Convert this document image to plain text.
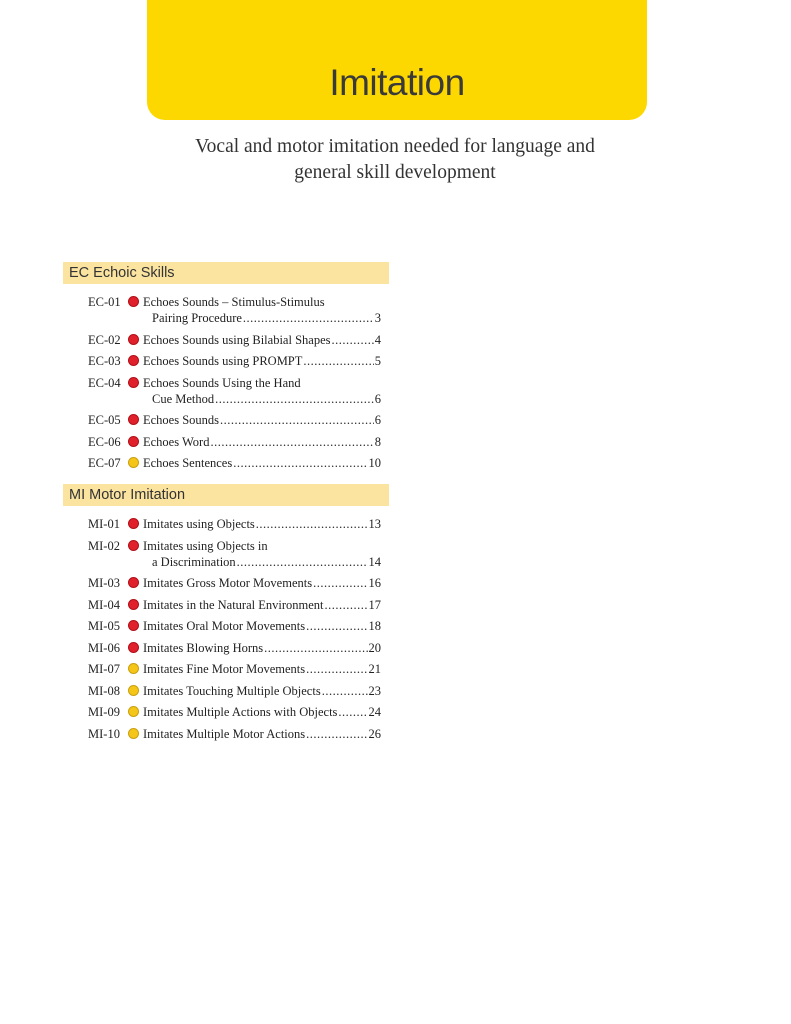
Imitation
Vocal and motor imitation needed for language and
general skill development
EC Echoic Skills
EC-01	Echoes Sounds – Stimulus-Stimulus
Pairing Procedure .....	3
EC-02	Echoes Sounds using Bilabial Shapes .....	4
EC-03	Echoes Sounds using PROMPT .....	5
EC-04	Echoes Sounds Using the Hand
Cue Method .....	6
EC-05	Echoes Sounds .....	6
EC-06	Echoes Word .....	8
EC-07	Echoes Sentences .....	10
MI Motor Imitation
MI-01	Imitates using Objects .....	13
MI-02	Imitates using Objects in
a Discrimination .....	14
MI-03	Imitates Gross Motor Movements .....	16
MI-04	Imitates in the Natural Environment .....	17
MI-05	Imitates Oral Motor Movements .....	18
MI-06	Imitates Blowing Horns .....	20
MI-07	Imitates Fine Motor Movements .....	21
MI-08	Imitates Touching Multiple Objects .....	23
MI-09	Imitates Multiple Actions with Objects ..... 24
MI-10	Imitates Multiple Motor Actions .....	26
